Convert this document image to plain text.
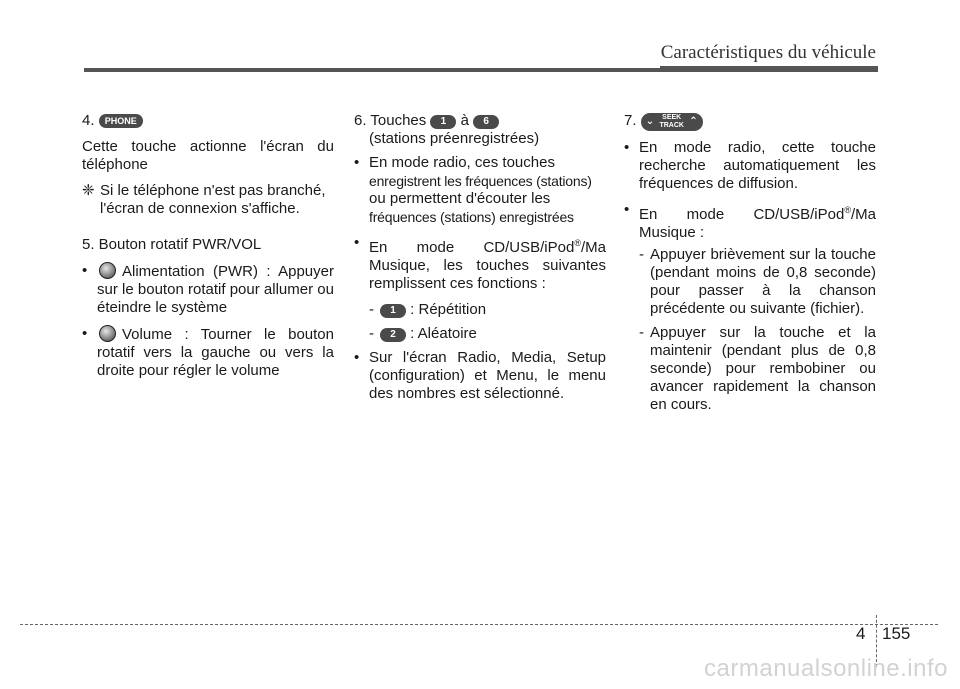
Caractéristiques du véhicule

4. PHONE

Cette touche actionne l'écran du téléphone

❈ Si le téléphone n'est pas branché, l'écran de connexion s'affiche.

5. Bouton rotatif PWR/VOL

• Alimentation (PWR) : Appuyer sur le bouton rotatif pour allumer ou éteindre le système
• Volume : Tourner le bouton rotatif vers la gauche ou vers la droite pour régler le volume

6. Touches 1 à 6

(stations préenregistrées)

• En mode radio, ces touches
enregistrent les fréquences (stations)
ou permettent d'écouter les
fréquences (stations) enregistrées
• En mode CD/USB/iPod®/Ma Musique, les touches suivantes remplissent ces fonctions :
- 1 : Répétition
- 2 : Aléatoire
• Sur l'écran Radio, Media, Setup (configuration) et Menu, le menu des nombres est sélectionné.

7. ⌄ SEEK
TRACK ⌃

• En mode radio, cette touche recherche automatiquement les fréquences de diffusion.
• En mode CD/USB/iPod®/Ma Musique :
- Appuyer brièvement sur la touche (pendant moins de 0,8 seconde) pour passer à la chanson précédente ou suivante (fichier).
- Appuyer sur la touche et la maintenir (pendant plus de 0,8 seconde) pour rembobiner ou avancer rapidement la chanson en cours.
4 155
carmanualsonline.info
